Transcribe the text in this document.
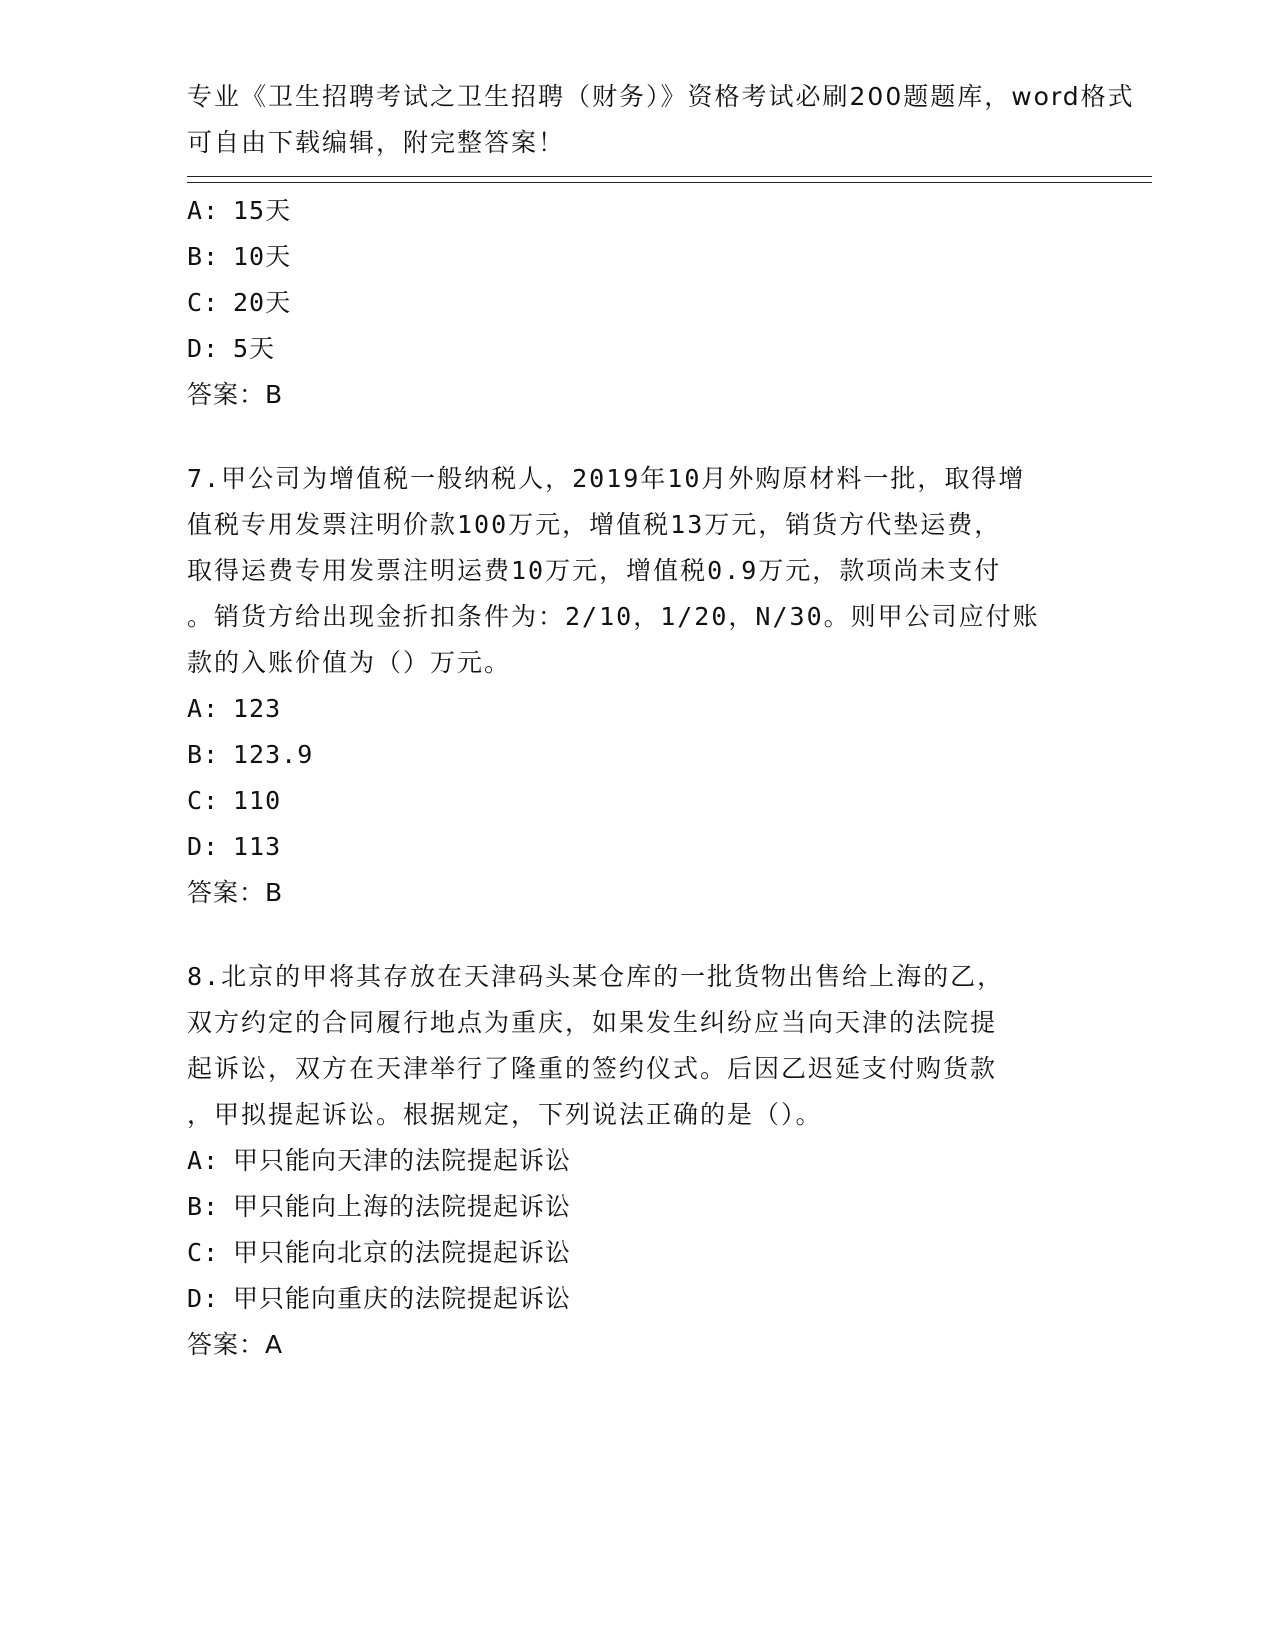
专业《卫生招聘考试之卫生招聘（财务）》资格考试必刷200题题库，word格式
可自由下载编辑，附完整答案！
A: 15天
B: 10天
C: 20天
D: 5天
答案：B
7.甲公司为增值税一般纳税人，2019年10月外购原材料一批，取得增
值税专用发票注明价款100万元，增值税13万元，销货方代垫运费，
取得运费专用发票注明运费10万元，增值税0.9万元，款项尚未支付
。销货方给出现金折扣条件为：2/10，1/20，N/30。则甲公司应付账
款的入账价值为（）万元。
A: 123
B: 123.9
C: 110
D: 113
答案：B
8.北京的甲将其存放在天津码头某仓库的一批货物出售给上海的乙，
双方约定的合同履行地点为重庆，如果发生纠纷应当向天津的法院提
起诉讼，双方在天津举行了隆重的签约仪式。后因乙迟延支付购货款
，甲拟提起诉讼。根据规定，下列说法正确的是（）。
A: 甲只能向天津的法院提起诉讼
B: 甲只能向上海的法院提起诉讼
C: 甲只能向北京的法院提起诉讼
D: 甲只能向重庆的法院提起诉讼
答案：A
